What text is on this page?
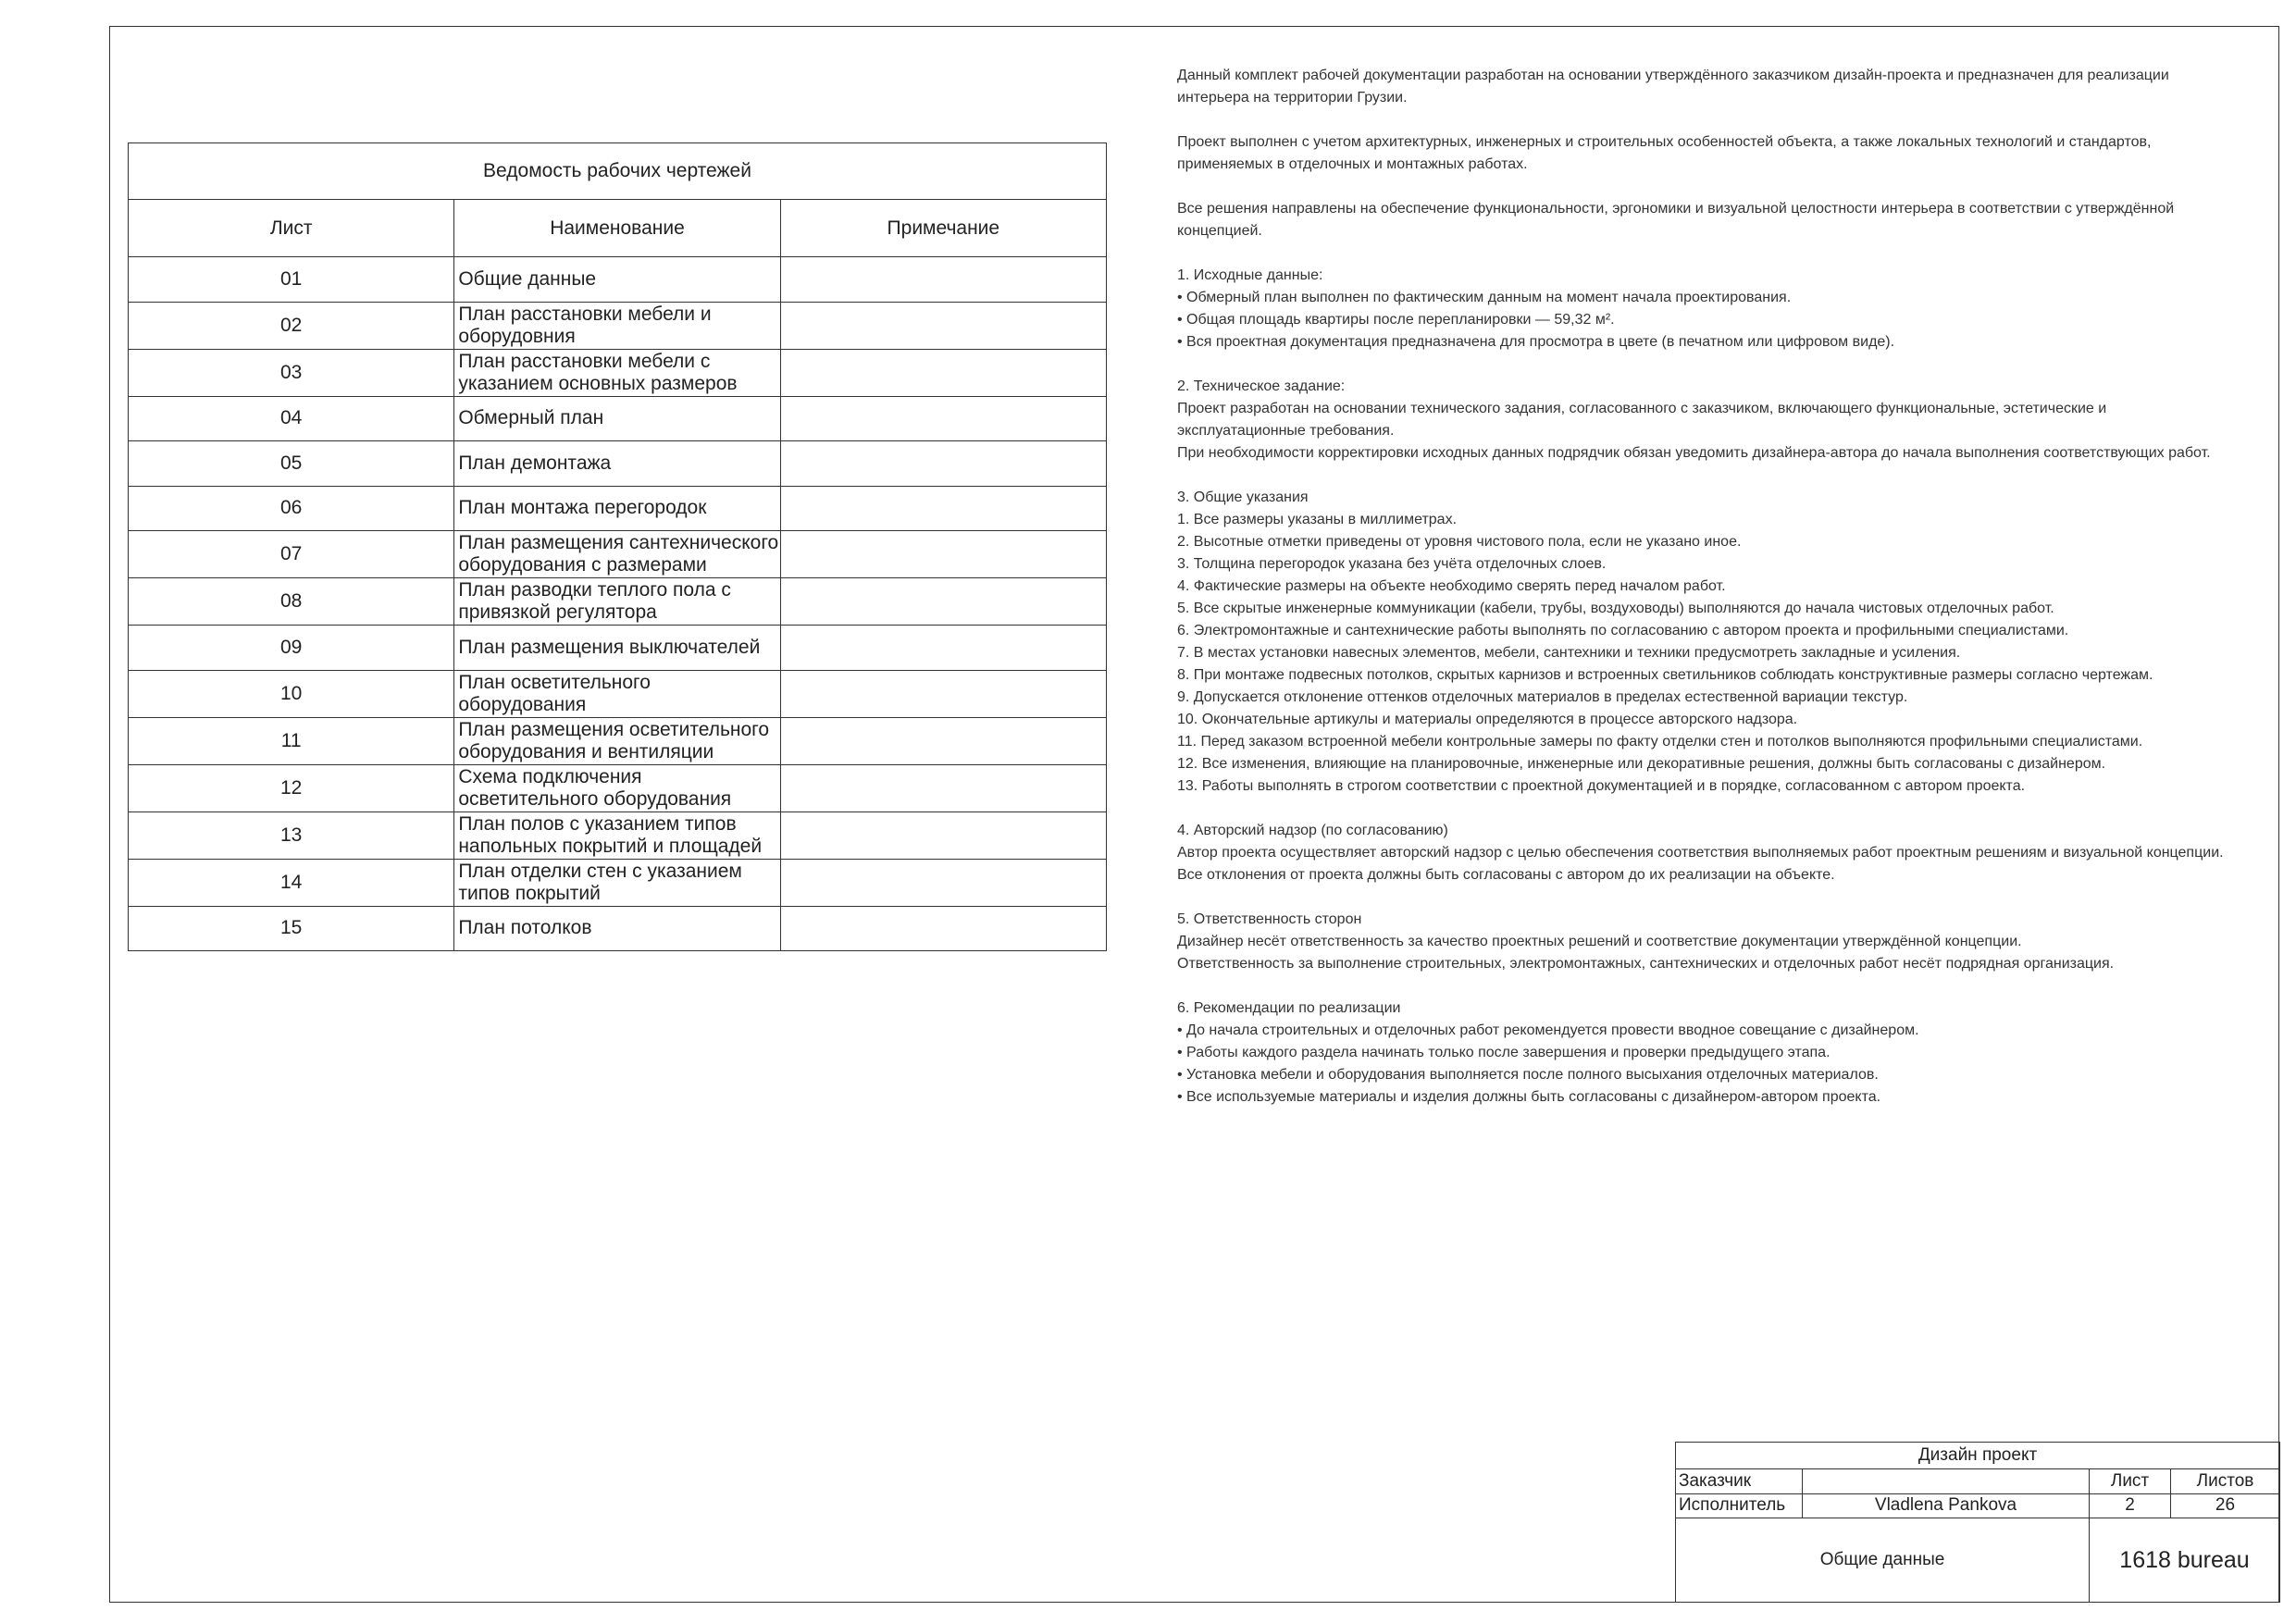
Ведомость рабочих чертежей		
Лист	Наименование	Примечание
01	Общие данные	
02	План расстановки мебели и оборудовния	
03	План расстановки мебели с указанием основных размеров	
04	Обмерный план	
05	План демонтажа	
06	План монтажа перегородок	
07	План размещения сантехнического оборудования с размерами	
08	План разводки теплого пола с привязкой регулятора	
09	План размещения выключателей	
10	План осветительного оборудования	
11	План размещения осветительного оборудования и вентиляции	
12	Схема подключения осветительного оборудования	
13	План полов с указанием типов напольных покрытий и площадей	
14	План отделки стен с указанием типов покрытий	
15	План потолков	

Данный комплект рабочей документации разработан на основании утверждённого заказчиком дизайн-проекта и предназначен для реализации

интерьера на территории Грузии.

Проект выполнен с учетом архитектурных, инженерных и строительных особенностей объекта, а также локальных технологий и стандартов,

применяемых в отделочных и монтажных работах.

Все решения направлены на обеспечение функциональности, эргономики и визуальной целостности интерьера в соответствии с утверждённой

концепцией.

1. Исходные данные:

• Обмерный план выполнен по фактическим данным на момент начала проектирования.

• Общая площадь квартиры после перепланировки — 59,32 м².

• Вся проектная документация предназначена для просмотра в цвете (в печатном или цифровом виде).

2. Техническое задание:

Проект разработан на основании технического задания, согласованного с заказчиком, включающего функциональные, эстетические и

эксплуатационные требования.

При необходимости корректировки исходных данных подрядчик обязан уведомить дизайнера-автора до начала выполнения соответствующих работ.

3. Общие указания

1. Все размеры указаны в миллиметрах.

2. Высотные отметки приведены от уровня чистового пола, если не указано иное.

3. Толщина перегородок указана без учёта отделочных слоев.

4. Фактические размеры на объекте необходимо сверять перед началом работ.

5. Все скрытые инженерные коммуникации (кабели, трубы, воздуховоды) выполняются до начала чистовых отделочных работ.

6. Электромонтажные и сантехнические работы выполнять по согласованию с автором проекта и профильными специалистами.

7. В местах установки навесных элементов, мебели, сантехники и техники предусмотреть закладные и усиления.

8. При монтаже подвесных потолков, скрытых карнизов и встроенных светильников соблюдать конструктивные размеры согласно чертежам.

9. Допускается отклонение оттенков отделочных материалов в пределах естественной вариации текстур.

10. Окончательные артикулы и материалы определяются в процессе авторского надзора.

11. Перед заказом встроенной мебели контрольные замеры по факту отделки стен и потолков выполняются профильными специалистами.

12. Все изменения, влияющие на планировочные, инженерные или декоративные решения, должны быть согласованы с дизайнером.

13. Работы выполнять в строгом соответствии с проектной документацией и в порядке, согласованном с автором проекта.

4. Авторский надзор (по согласованию)

Автор проекта осуществляет авторский надзор с целью обеспечения соответствия выполняемых работ проектным решениям и визуальной концепции.

Все отклонения от проекта должны быть согласованы с автором до их реализации на объекте.

5. Ответственность сторон

Дизайнер несёт ответственность за качество проектных решений и соответствие документации утверждённой концепции.

Ответственность за выполнение строительных, электромонтажных, сантехнических и отделочных работ несёт подрядная организация.

6. Рекомендации по реализации

• До начала строительных и отделочных работ рекомендуется провести вводное совещание с дизайнером.

• Работы каждого раздела начинать только после завершения и проверки предыдущего этапа.

• Установка мебели и оборудования выполняется после полного высыхания отделочных материалов.

• Все используемые материалы и изделия должны быть согласованы с дизайнером-автором проекта.

Дизайн проект			
Заказчик		Лист	Листов
Исполнитель	Vladlena Pankova	2	26
Общие данные		1618 bureau	
